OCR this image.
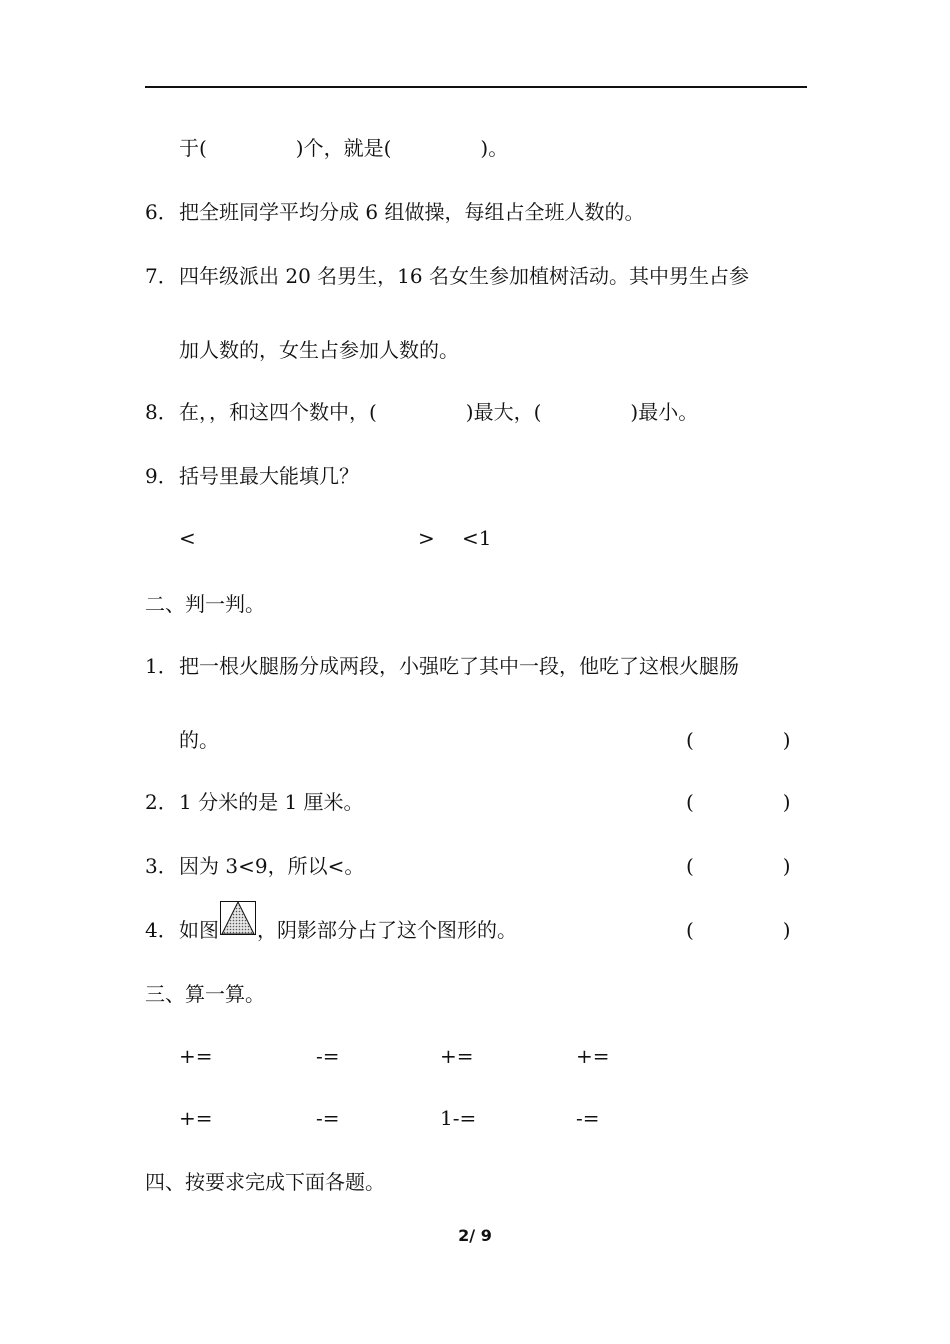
于(              )个，就是(              )。
6． 把全班同学平均分成 6 组做操，每组占全班人数的。
7． 四年级派出 20 名男生，16 名女生参加植树活动。其中男生占参
加人数的，女生占参加人数的。
8． 在，，和这四个数中，(              )最大，(              )最小。
9． 括号里最大能填几？
<	> <1
二、判一判。
1． 把一根火腿肠分成两段，小强吃了其中一段，他吃了这根火腿肠
的。	(              )
2． 1 分米的是 1 厘米。	(              )
3． 因为 3<9，所以<。	(              )
4． 如图 ，阴影部分占了这个图形的。	(              )
三、算一算。
+=	-=	+=	+=
+=	-=	1-=	-=
四、按要求完成下面各题。
2/ 9
